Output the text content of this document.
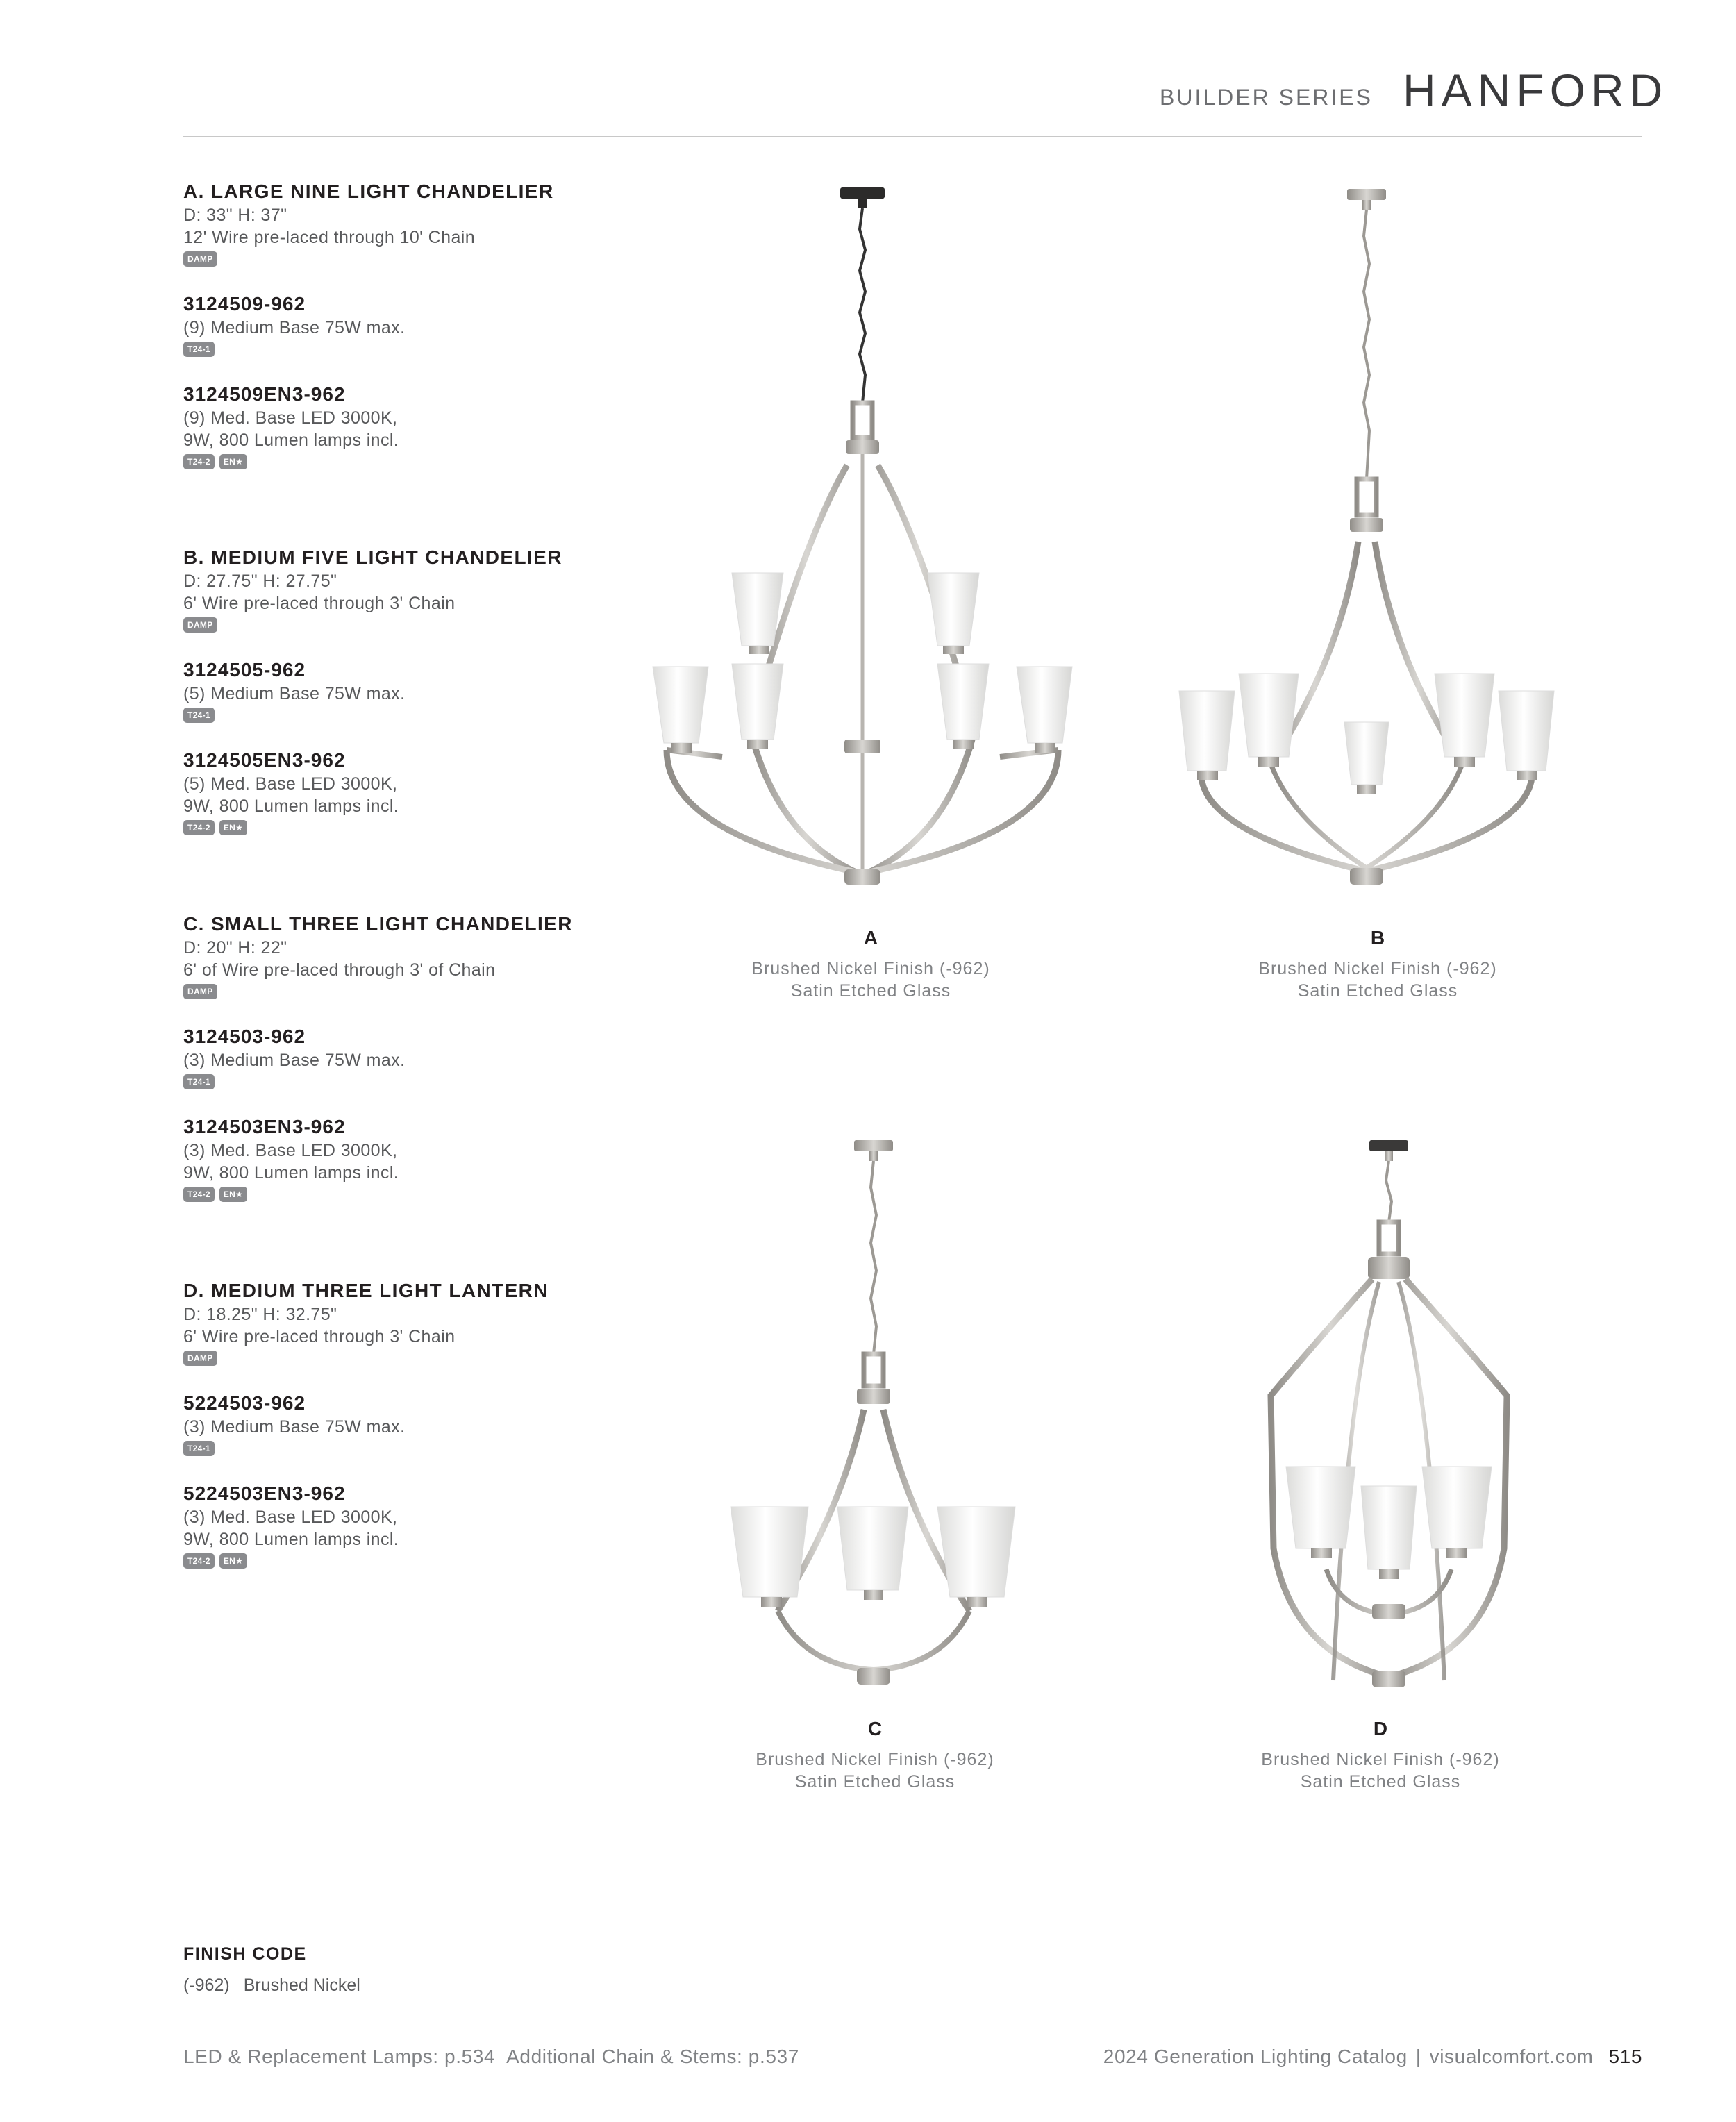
BUILDER SERIES HANFORD
A. LARGE NINE LIGHT CHANDELIER
D: 33" H: 37"
12' Wire pre-laced through 10' Chain
DAMP
3124509-962
(9) Medium Base 75W max.
T24-1
3124509EN3-962
(9) Med. Base LED 3000K,
9W, 800 Lumen lamps incl.
T24-2	EN★
B. MEDIUM FIVE LIGHT CHANDELIER
D: 27.75" H: 27.75"
6' Wire pre-laced through 3' Chain
DAMP
3124505-962
(5) Medium Base 75W max.
T24-1
3124505EN3-962
(5) Med. Base LED 3000K,
9W, 800 Lumen lamps incl.
T24-2	EN★
C. SMALL THREE LIGHT CHANDELIER
D: 20" H: 22"
6' of Wire pre-laced through 3' of Chain
DAMP
3124503-962
(3) Medium Base 75W max.
T24-1
3124503EN3-962
(3) Med. Base LED 3000K,
9W, 800 Lumen lamps incl.
T24-2	EN★
D. MEDIUM THREE LIGHT LANTERN
D: 18.25" H: 32.75"
6' Wire pre-laced through 3' Chain
DAMP
5224503-962
(3) Medium Base 75W max.
T24-1
5224503EN3-962
(3) Med. Base LED 3000K,
9W, 800 Lumen lamps incl.
T24-2	EN★
A
Brushed Nickel Finish (-962)
Satin Etched Glass
B
Brushed Nickel Finish (-962)
Satin Etched Glass
C
Brushed Nickel Finish (-962)
Satin Etched Glass
D
Brushed Nickel Finish (-962)
Satin Etched Glass
FINISH CODE
(-962) Brushed Nickel
LED & Replacement Lamps: p.534 Additional Chain & Stems: p.537	2024 Generation Lighting Catalog | visualcomfort.com 515
